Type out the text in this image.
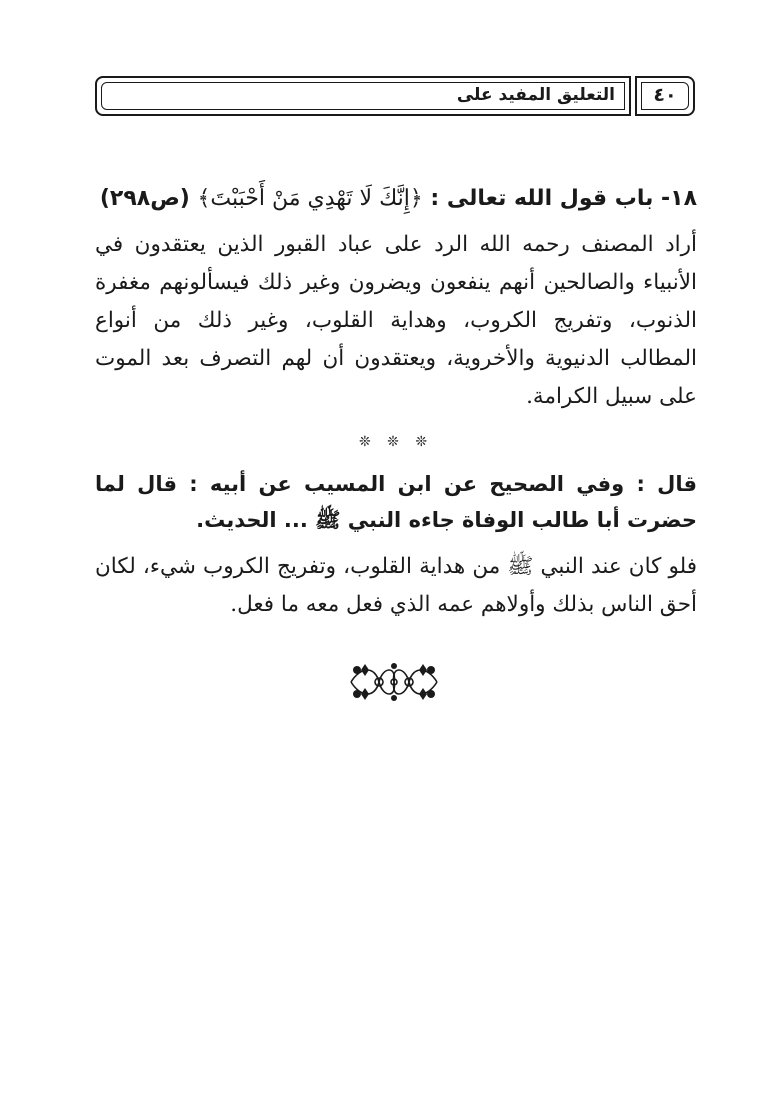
التعليق المفيد على	٤٠

١٨- باب قول الله تعالى : ﴿إِنَّكَ لَا تَهْدِي مَنْ أَحْبَبْتَ﴾ (ص٢٩٨)

أراد المصنف رحمه الله الرد على عباد القبور الذين يعتقدون في الأنبياء والصالحين أنهم ينفعون ويضرون وغير ذلك فيسألونهم مغفرة الذنوب، وتفريج الكروب، وهداية القلوب، وغير ذلك من أنواع المطالب الدنيوية والأخروية، ويعتقدون أن لهم التصرف بعد الموت على سبيل الكرامة.

❊ ❊ ❊

قال : وفي الصحيح عن ابن المسيب عن أبيه : قال لما حضرت أبا طالب الوفاة جاءه النبي ﷺ ... الحديث.

فلو كان عند النبي ﷺ من هداية القلوب، وتفريج الكروب شيء، لكان أحق الناس بذلك وأولاهم عمه الذي فعل معه ما فعل.
